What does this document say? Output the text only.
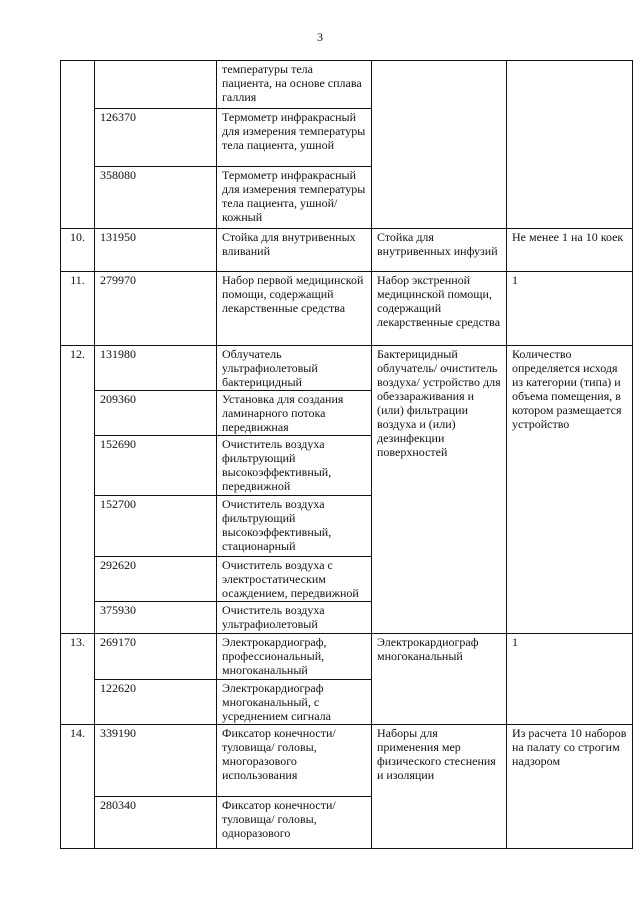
3
		температуры тела пациента, на основе сплава галлия		
	126370	Термометр инфракрасный для измерения температуры тела пациента, ушной		
	358080	Термометр инфракрасный для измерения температуры тела пациента, ушной/кожный		
10.	131950	Стойка для внутривенных вливаний	Стойка для внутривенных инфузий	Не менее 1 на 10 коек
11.	279970	Набор первой медицинской помощи, содержащий лекарственные средства	Набор экстренной медицинской помощи, содержащий лекарственные средства	1
12.	131980	Облучатель ультрафиолетовый бактерицидный	Бактерицидный облучатель/ очиститель воздуха/ устройство для обеззараживания и (или) фильтрации воздуха и (или) дезинфекции поверхностей	Количество определяется исходя из категории (типа) и объема помещения, в котором размещается устройство
	209360	Установка для создания ламинарного потока передвижная		
	152690	Очиститель воздуха фильтрующий высокоэффективный, передвижной		
	152700	Очиститель воздуха фильтрующий высокоэффективный, стационарный		
	292620	Очиститель воздуха с электростатическим осаждением, передвижной		
	375930	Очиститель воздуха ультрафиолетовый		
13.	269170	Электрокардиограф, профессиональный, многоканальный	Электрокардиограф многоканальный	1
	122620	Электрокардиограф многоканальный, с усреднением сигнала		
14.	339190	Фиксатор конечности/туловища/ головы, многоразового использования	Наборы для применения мер физического стеснения и изоляции	Из расчета 10 наборов на палату со строгим надзором
	280340	Фиксатор конечности/туловища/ головы, одноразового		
